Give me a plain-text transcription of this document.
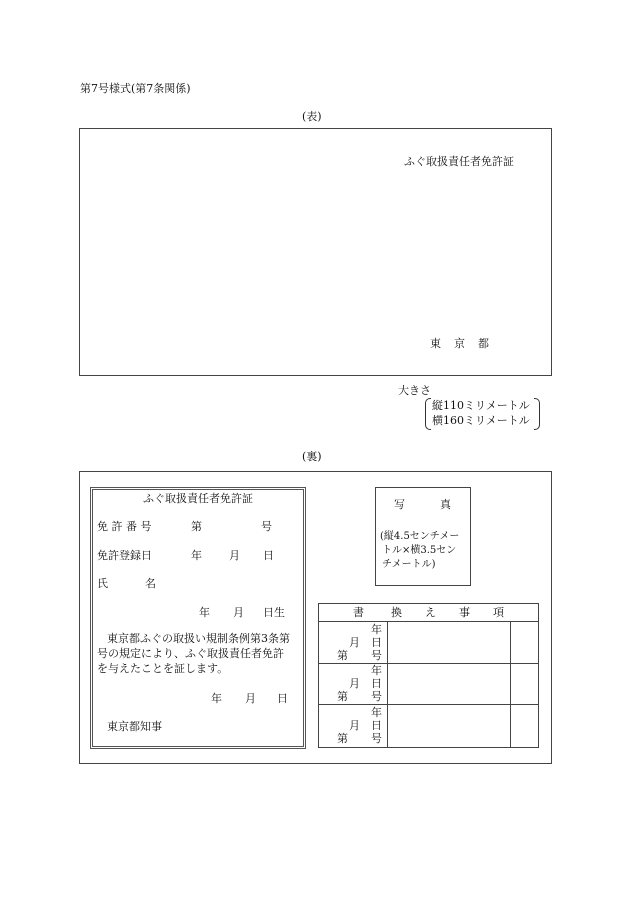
第7号様式(第7条関係)
(表)
ふぐ取扱責任者免許証
東 京 都
大きさ
縦110ミリメートル
横160ミリメートル
(裏)
ふぐ取扱責任者免許証
免 許 番 号	第	号
免許登録日	年 月 日
氏	名
年 月 日生
東京都ふぐの取扱い規制条例第3条第
号の規定により、ふぐ取扱責任者免許
を与えたことを証します。
年 月 日
東京都知事
写	真
(縦4.5センチメー
トル×横3.5セン
チメートル)
書 換 え 事 項
年
月 日
第 号
年
月 日
第 号
年
月 日
第 号
